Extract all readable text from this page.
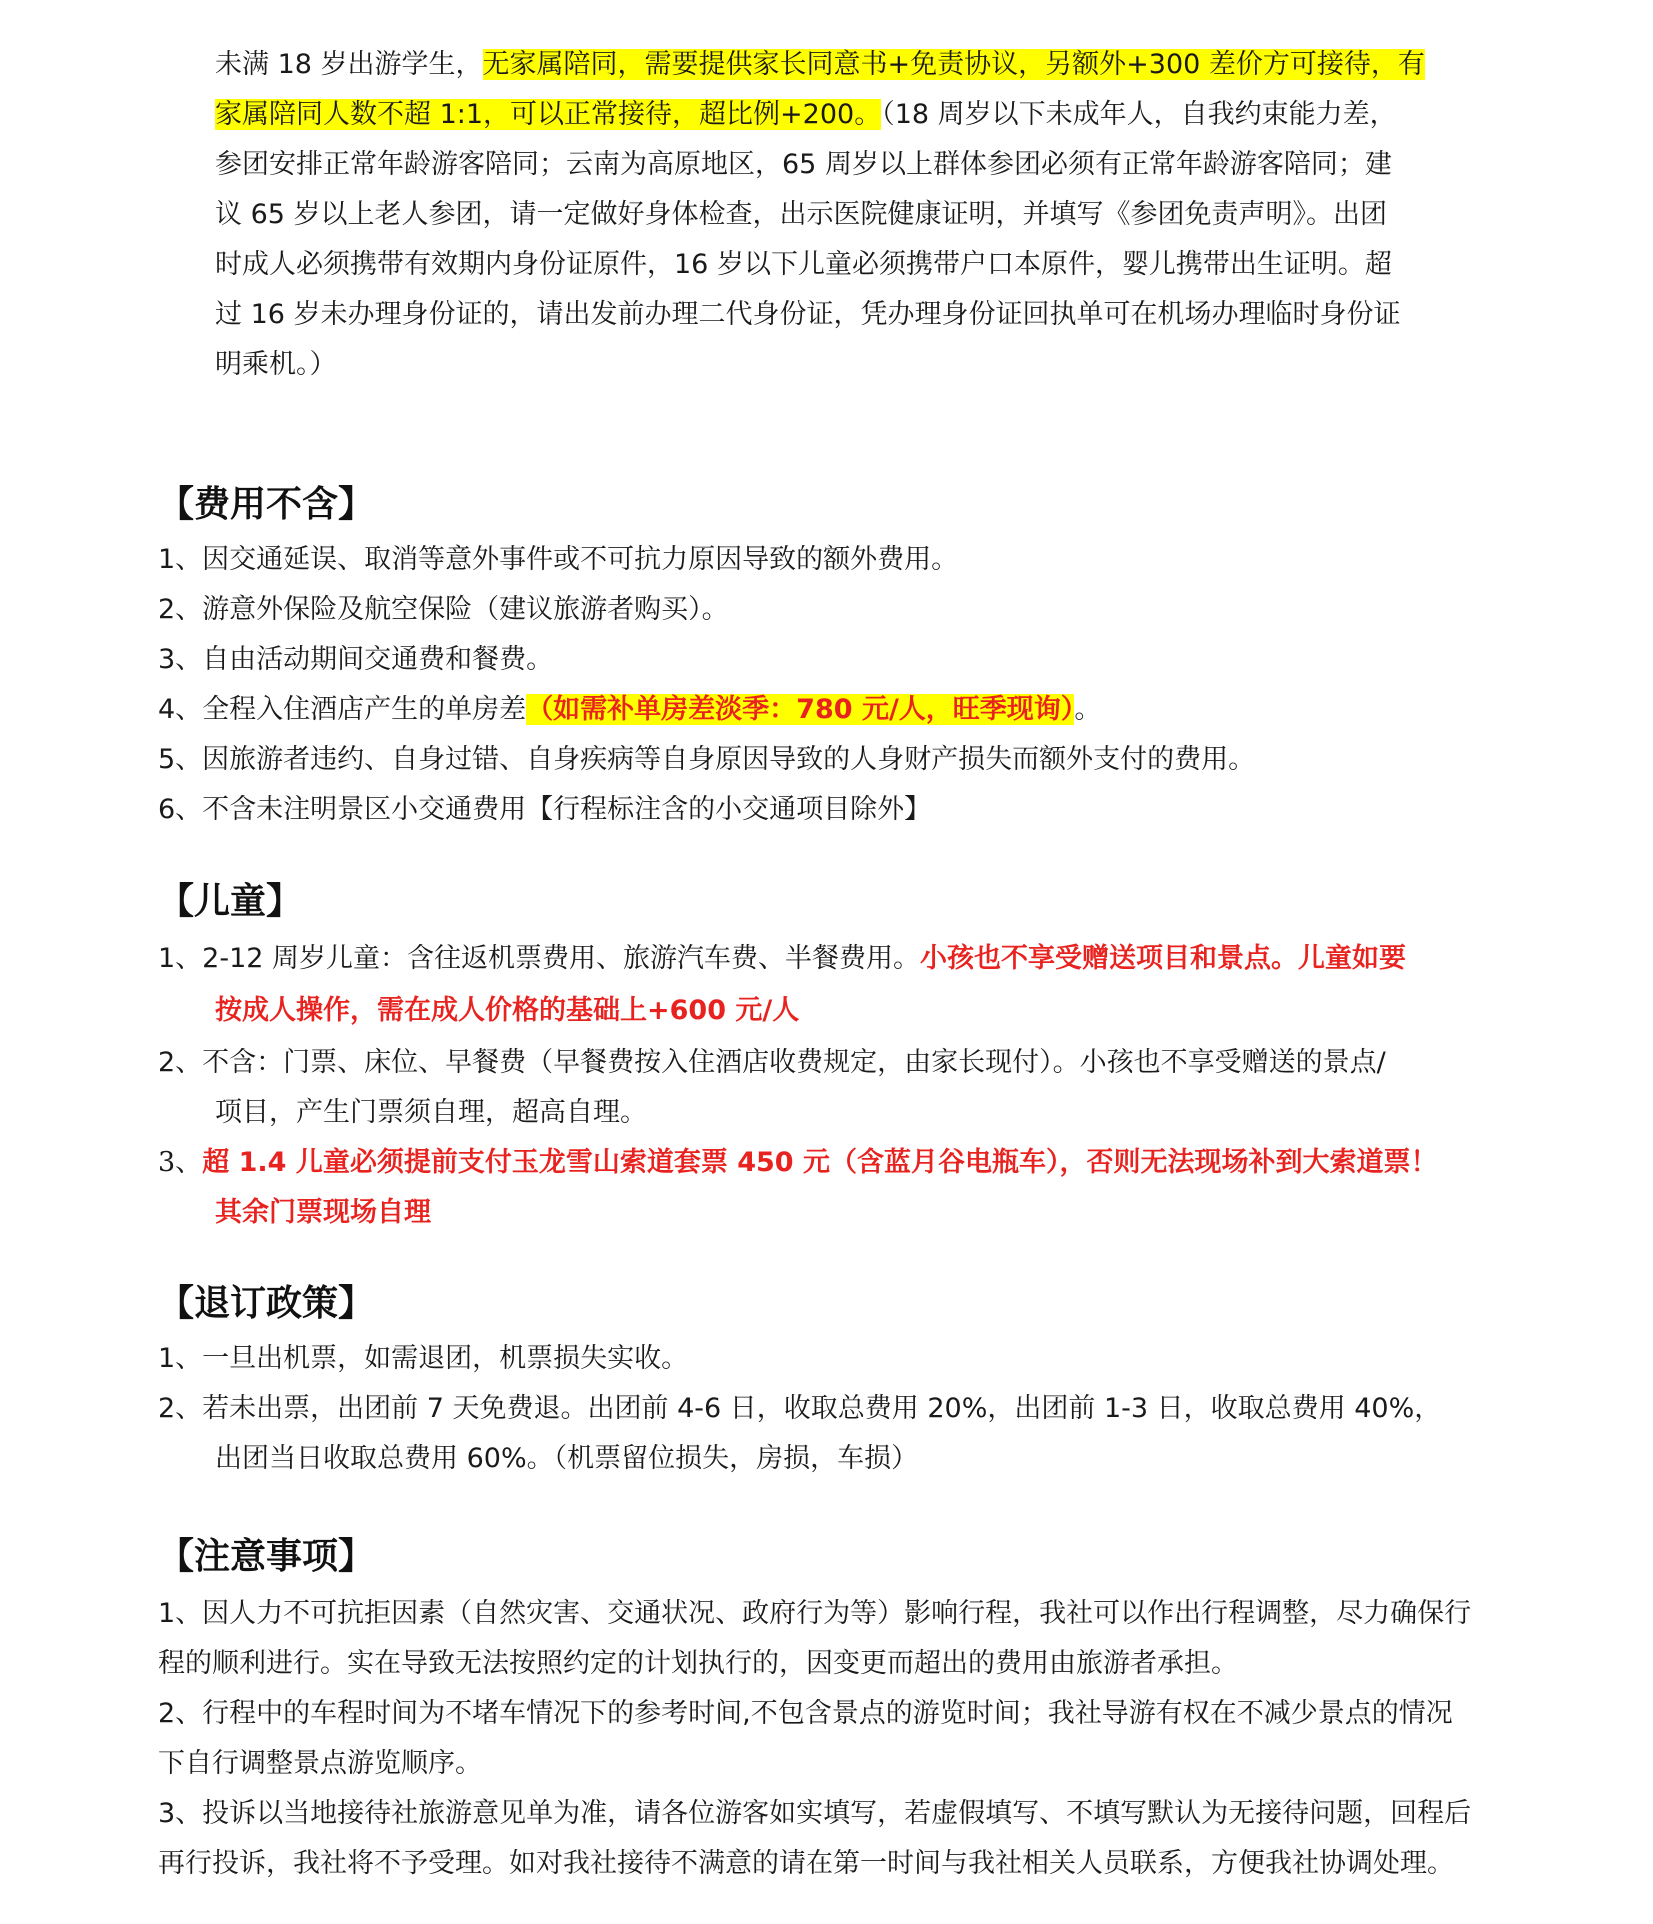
未满 18 岁出游学生，无家属陪同，需要提供家长同意书+免责协议，另额外+300 差价方可接待，有
家属陪同人数不超 1:1，可以正常接待，超比例+200。（18 周岁以下未成年人，自我约束能力差，
参团安排正常年龄游客陪同；云南为高原地区，65 周岁以上群体参团必须有正常年龄游客陪同；建
议 65 岁以上老人参团，请一定做好身体检查，出示医院健康证明，并填写《参团免责声明》。出团
时成人必须携带有效期内身份证原件，16 岁以下儿童必须携带户口本原件，婴儿携带出生证明。超
过 16 岁未办理身份证的，请出发前办理二代身份证，凭办理身份证回执单可在机场办理临时身份证
明乘机。）
【费用不含】
1、因交通延误、取消等意外事件或不可抗力原因导致的额外费用。
2、游意外保险及航空保险（建议旅游者购买）。
3、自由活动期间交通费和餐费。
4、全程入住酒店产生的单房差（如需补单房差淡季：780 元/人，旺季现询）。
5、因旅游者违约、自身过错、自身疾病等自身原因导致的人身财产损失而额外支付的费用。
6、不含未注明景区小交通费用【行程标注含的小交通项目除外】
【儿童】
1、2-12 周岁儿童：含往返机票费用、旅游汽车费、半餐费用。小孩也不享受赠送项目和景点。儿童如要
按成人操作，需在成人价格的基础上+600 元/人
2、不含：门票、床位、早餐费（早餐费按入住酒店收费规定，由家长现付）。小孩也不享受赠送的景点/
项目，产生门票须自理，超高自理。
3、超 1.4 儿童必须提前支付玉龙雪山索道套票 450 元（含蓝月谷电瓶车），否则无法现场补到大索道票！
其余门票现场自理
【退订政策】
1、一旦出机票，如需退团，机票损失实收。
2、若未出票，出团前 7 天免费退。出团前 4-6 日，收取总费用 20%，出团前 1-3 日，收取总费用 40%，
出团当日收取总费用 60%。（机票留位损失，房损，车损）
【注意事项】
1、因人力不可抗拒因素（自然灾害、交通状况、政府行为等）影响行程，我社可以作出行程调整，尽力确保行
程的顺利进行。实在导致无法按照约定的计划执行的，因变更而超出的费用由旅游者承担。
2、行程中的车程时间为不堵车情况下的参考时间,不包含景点的游览时间；我社导游有权在不减少景点的情况
下自行调整景点游览顺序。
3、投诉以当地接待社旅游意见单为准，请各位游客如实填写，若虚假填写、不填写默认为无接待问题，回程后
再行投诉，我社将不予受理。如对我社接待不满意的请在第一时间与我社相关人员联系，方便我社协调处理。
